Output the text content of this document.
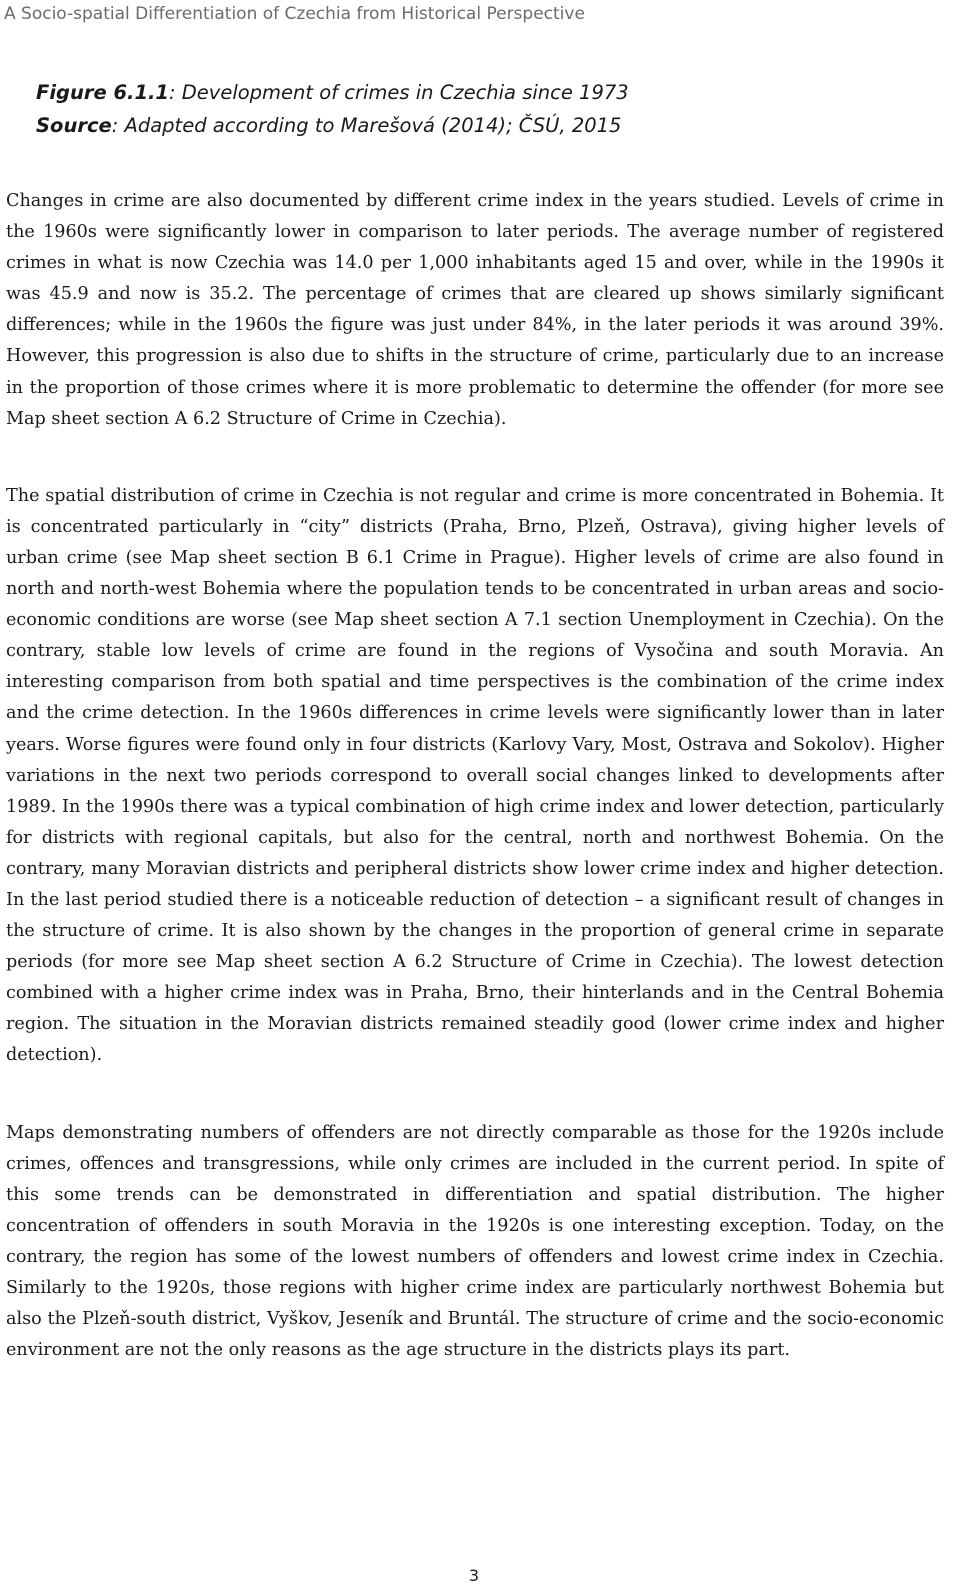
A Socio-spatial Differentiation of Czechia from Historical Perspective
Figure 6.1.1: Development of crimes in Czechia since 1973
Source: Adapted according to Marešová (2014); ČSÚ, 2015

Changes in crime are also documented by different crime index in the years studied. Levels of crime in the 1960s were significantly lower in comparison to later periods. The average number of registered crimes in what is now Czechia was 14.0 per 1,000 inhabitants aged 15 and over, while in the 1990s it was 45.9 and now is 35.2. The percentage of crimes that are cleared up shows similarly significant differences; while in the 1960s the figure was just under 84%, in the later periods it was around 39%. However, this progression is also due to shifts in the structure of crime, particularly due to an increase in the proportion of those crimes where it is more problematic to determine the offender (for more see Map sheet section A 6.2 Structure of Crime in Czechia).

The spatial distribution of crime in Czechia is not regular and crime is more concentrated in Bohemia. It is concentrated particularly in “city” districts (Praha, Brno, Plzeň, Ostrava), giving higher levels of urban crime (see Map sheet section B 6.1 Crime in Prague). Higher levels of crime are also found in north and north-west Bohemia where the population tends to be concentrated in urban areas and socio-economic conditions are worse (see Map sheet section A 7.1 section Unemployment in Czechia). On the contrary, stable low levels of crime are found in the regions of Vysočina and south Moravia. An interesting comparison from both spatial and time perspectives is the combination of the crime index and the crime detection. In the 1960s differences in crime levels were significantly lower than in later years. Worse figures were found only in four districts (Karlovy Vary, Most, Ostrava and Sokolov). Higher variations in the next two periods correspond to overall social changes linked to developments after 1989. In the 1990s there was a typical combination of high crime index and lower detection, particularly for districts with regional capitals, but also for the central, north and northwest Bohemia. On the contrary, many Moravian districts and peripheral districts show lower crime index and higher detection. In the last period studied there is a noticeable reduction of detection – a significant result of changes in the structure of crime. It is also shown by the changes in the proportion of general crime in separate periods (for more see Map sheet section A 6.2 Structure of Crime in Czechia). The lowest detection combined with a higher crime index was in Praha, Brno, their hinterlands and in the Central Bohemia region. The situation in the Moravian districts remained steadily good (lower crime index and higher detection).

Maps demonstrating numbers of offenders are not directly comparable as those for the 1920s include crimes, offences and transgressions, while only crimes are included in the current period. In spite of this some trends can be demonstrated in differentiation and spatial distribution. The higher concentration of offenders in south Moravia in the 1920s is one interesting exception. Today, on the contrary, the region has some of the lowest numbers of offenders and lowest crime index in Czechia. Similarly to the 1920s, those regions with higher crime index are particularly northwest Bohemia but also the Plzeň-south district, Vyškov, Jeseník and Bruntál. The structure of crime and the socio-economic environment are not the only reasons as the age structure in the districts plays its part.

3
